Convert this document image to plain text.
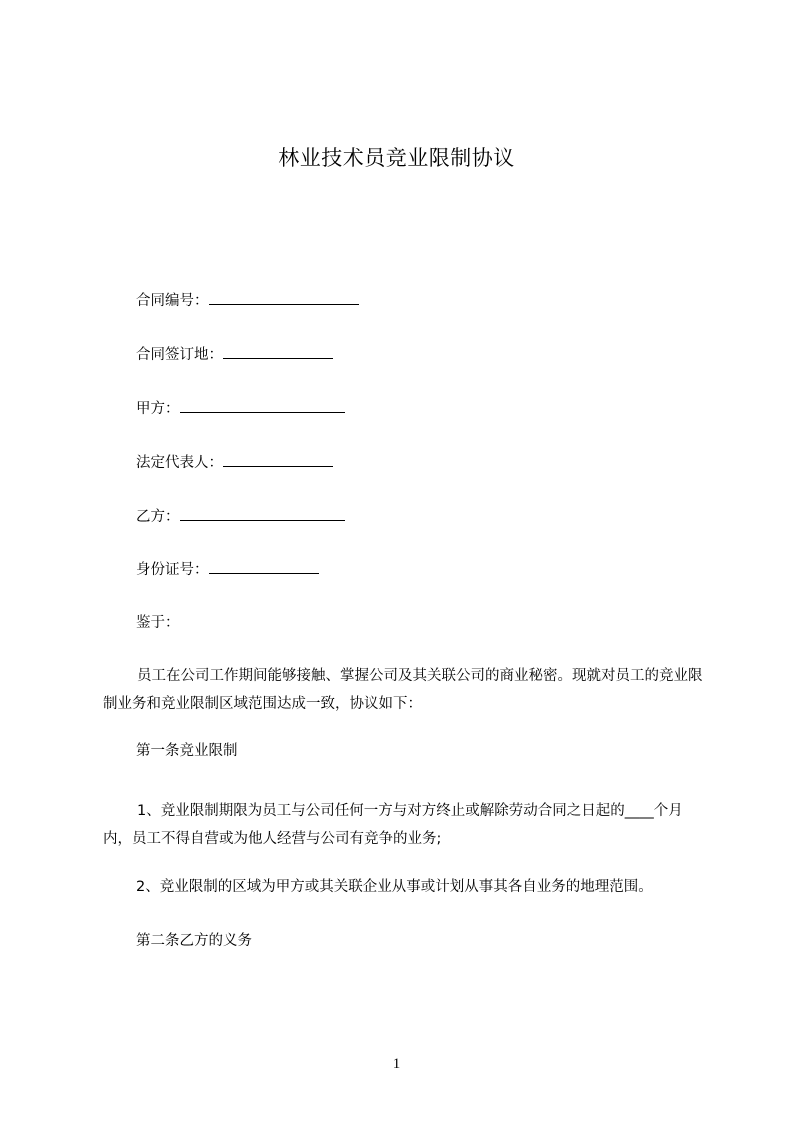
林业技术员竞业限制协议
合同编号：
合同签订地：
甲方：
法定代表人：
乙方：
身份证号：
鉴于：

员工在公司工作期间能够接触、掌握公司及其关联公司的商业秘密。现就对员工的竞业限制业务和竞业限制区域范围达成一致，协议如下：

第一条竞业限制

1、竞业限制期限为员工与公司任何一方与对方终止或解除劳动合同之日起的____个月内，员工不得自营或为他人经营与公司有竞争的业务;

2、竞业限制的区域为甲方或其关联企业从事或计划从事其各自业务的地理范围。
第二条乙方的义务
1
